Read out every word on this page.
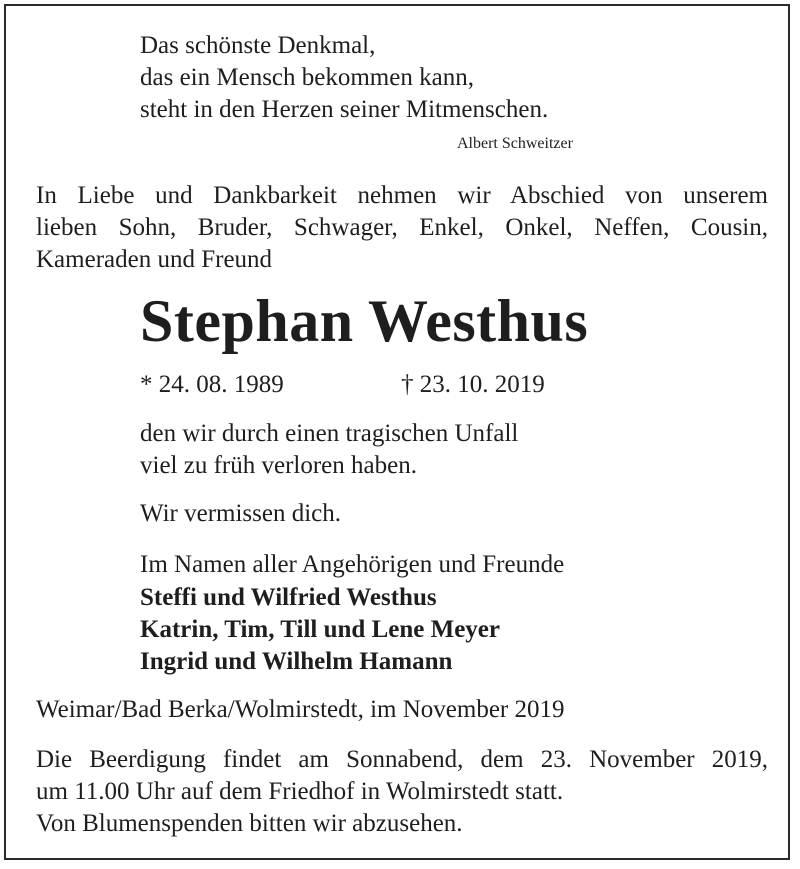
Das schönste Denkmal,
das ein Mensch bekommen kann,
steht in den Herzen seiner Mitmenschen.
Albert Schweitzer
In Liebe und Dankbarkeit nehmen wir Abschied von unserem
lieben Sohn, Bruder, Schwager, Enkel, Onkel, Neffen, Cousin,
Kameraden und Freund
Stephan Westhus
* 24. 08. 1989	† 23. 10. 2019
den wir durch einen tragischen Unfall
viel zu früh verloren haben.
Wir vermissen dich.
Im Namen aller Angehörigen und Freunde
Steffi und Wilfried Westhus
Katrin, Tim, Till und Lene Meyer
Ingrid und Wilhelm Hamann
Weimar/Bad Berka/Wolmirstedt, im November 2019
Die Beerdigung findet am Sonnabend, dem 23. November 2019,
um 11.00 Uhr auf dem Friedhof in Wolmirstedt statt.
Von Blumenspenden bitten wir abzusehen.
